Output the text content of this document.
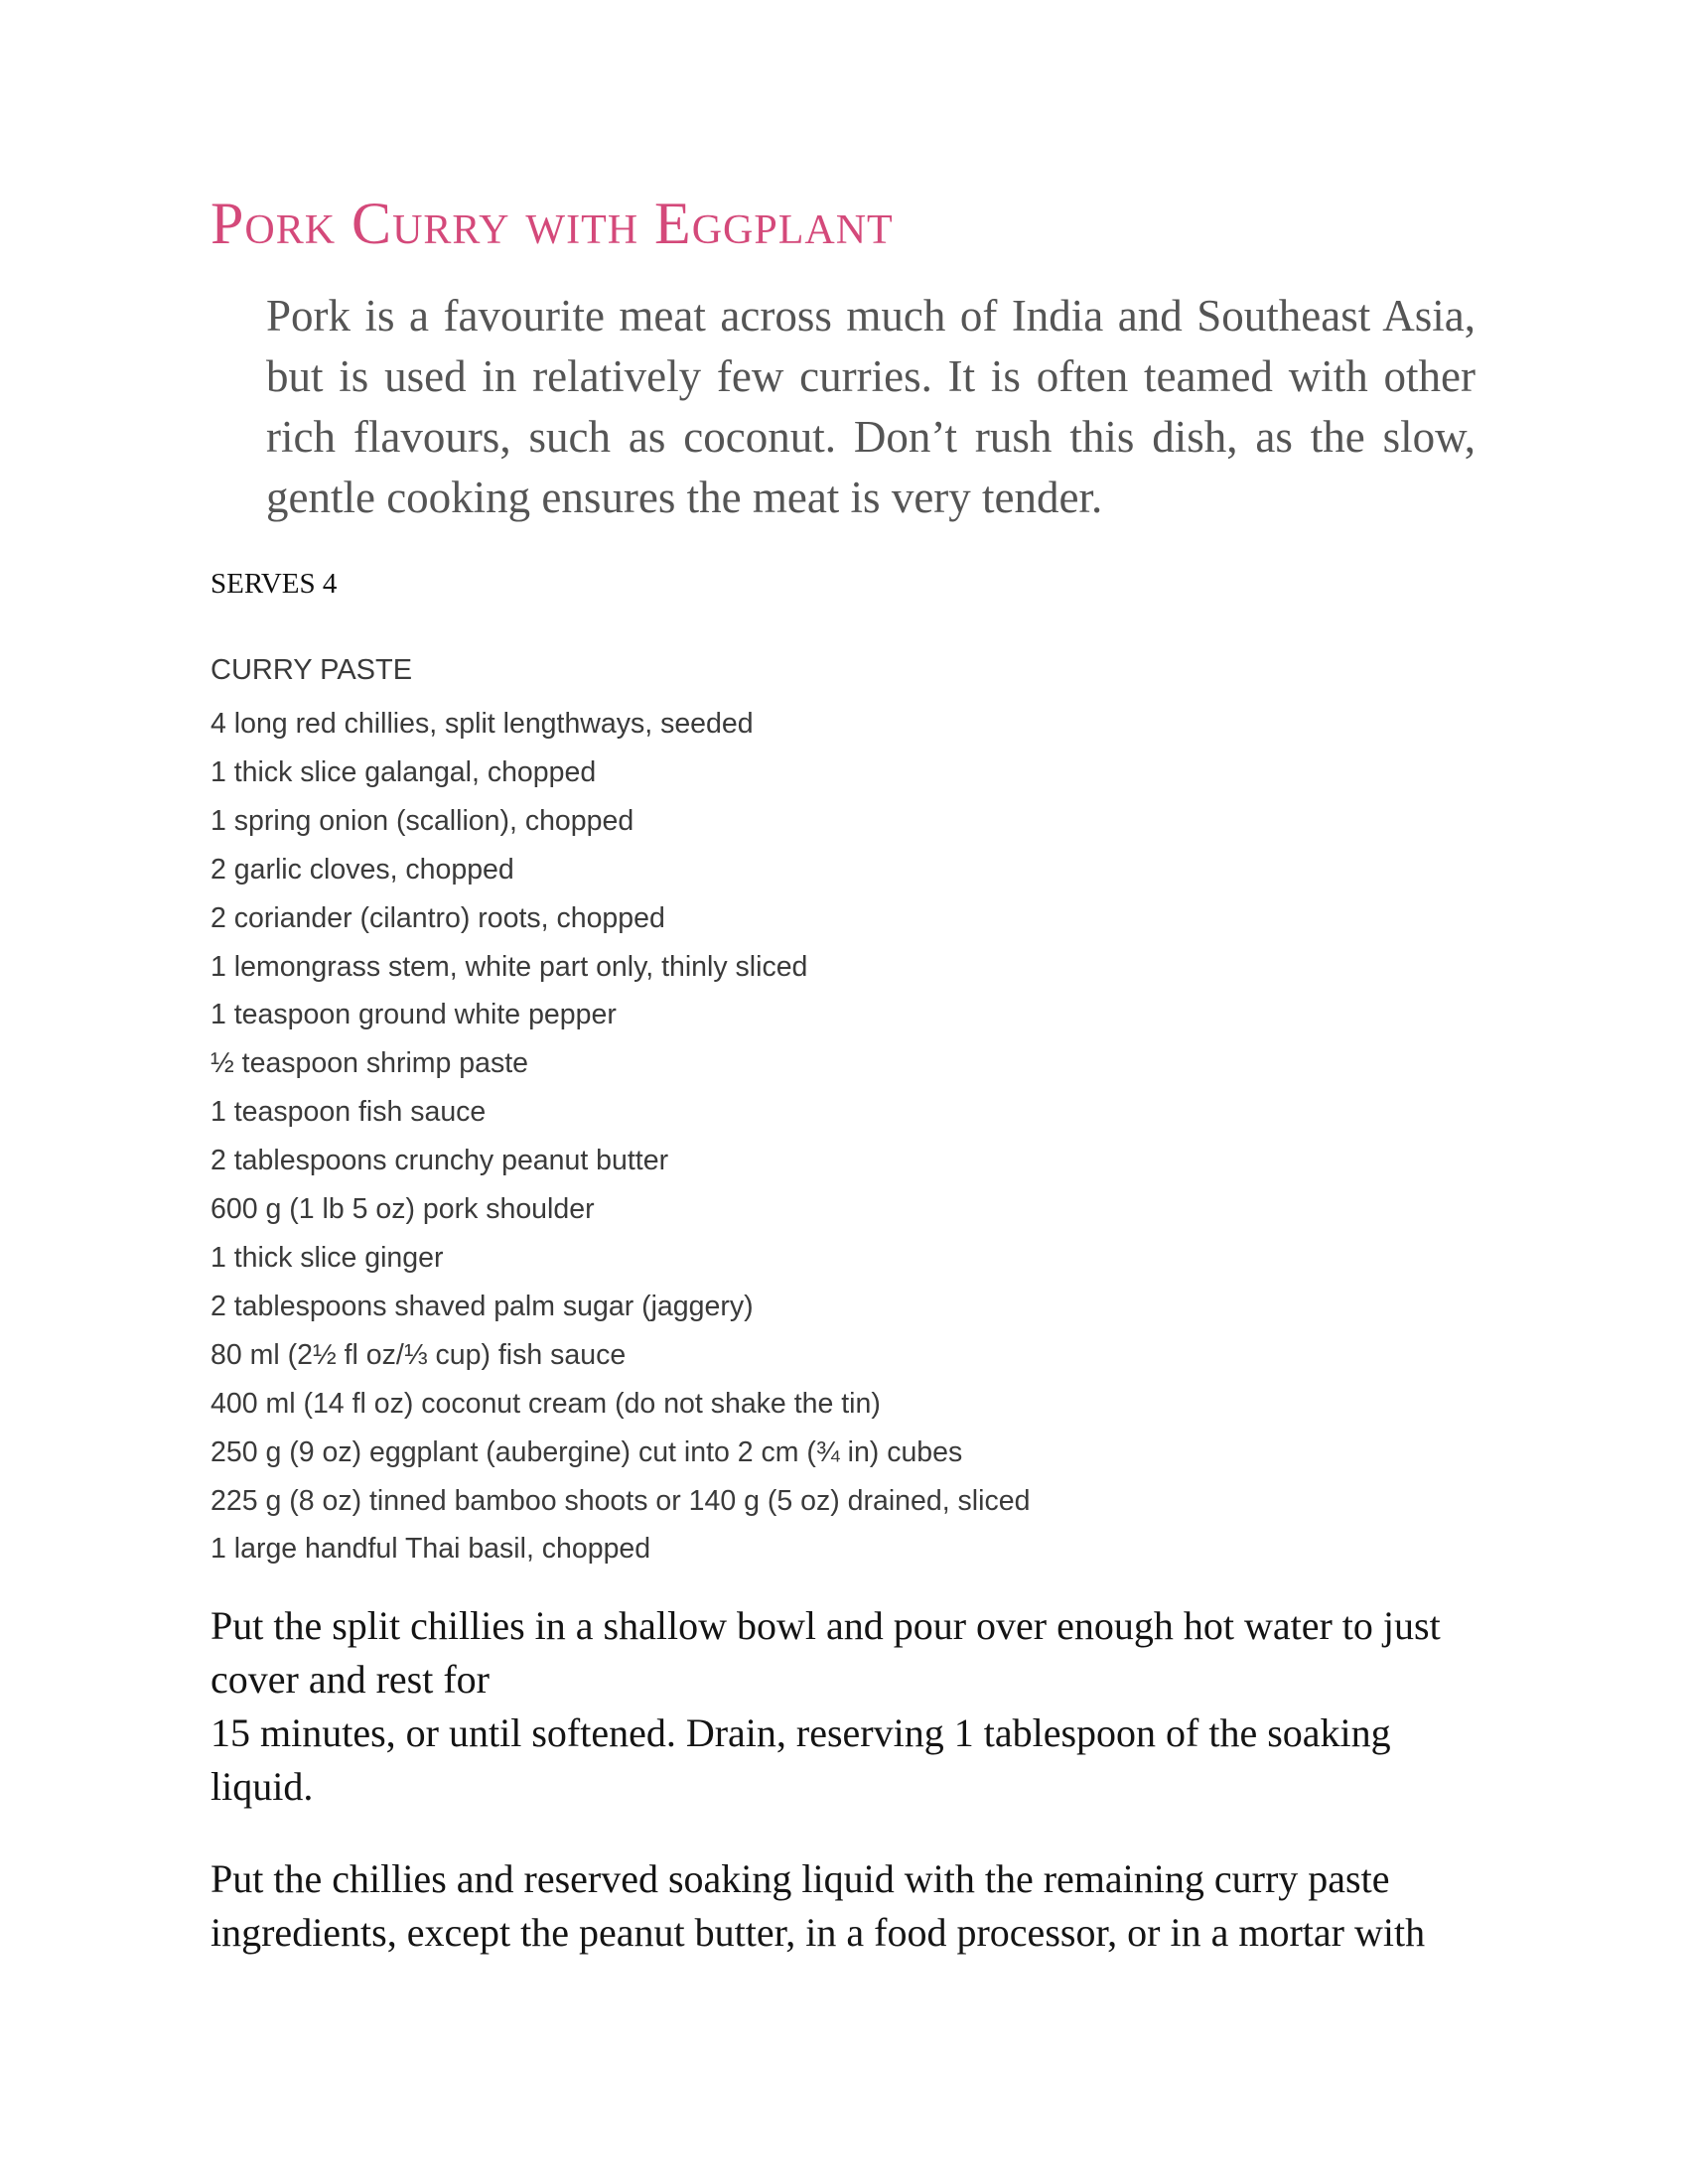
Pork Curry with Eggplant

Pork is a favourite meat across much of India and Southeast Asia, but is used in relatively few curries. It is often teamed with other rich flavours, such as coconut. Don’t rush this dish, as the slow, gentle cooking ensures the meat is very tender.

SERVES 4
CURRY PASTE
4 long red chillies, split lengthways, seeded
1 thick slice galangal, chopped
1 spring onion (scallion), chopped
2 garlic cloves, chopped
2 coriander (cilantro) roots, chopped
1 lemongrass stem, white part only, thinly sliced
1 teaspoon ground white pepper
½ teaspoon shrimp paste
1 teaspoon fish sauce
2 tablespoons crunchy peanut butter
600 g (1 lb 5 oz) pork shoulder
1 thick slice ginger
2 tablespoons shaved palm sugar (jaggery)
80 ml (2½ fl oz/⅓ cup) fish sauce
400 ml (14 fl oz) coconut cream (do not shake the tin)
250 g (9 oz) eggplant (aubergine) cut into 2 cm (¾ in) cubes
225 g (8 oz) tinned bamboo shoots or 140 g (5 oz) drained, sliced
1 large handful Thai basil, chopped

Put the split chillies in a shallow bowl and pour over enough hot water to just cover and rest for
15 minutes, or until softened. Drain, reserving 1 tablespoon of the soaking liquid.

Put the chillies and reserved soaking liquid with the remaining curry paste ingredients, except the peanut butter, in a food processor, or in a mortar with
